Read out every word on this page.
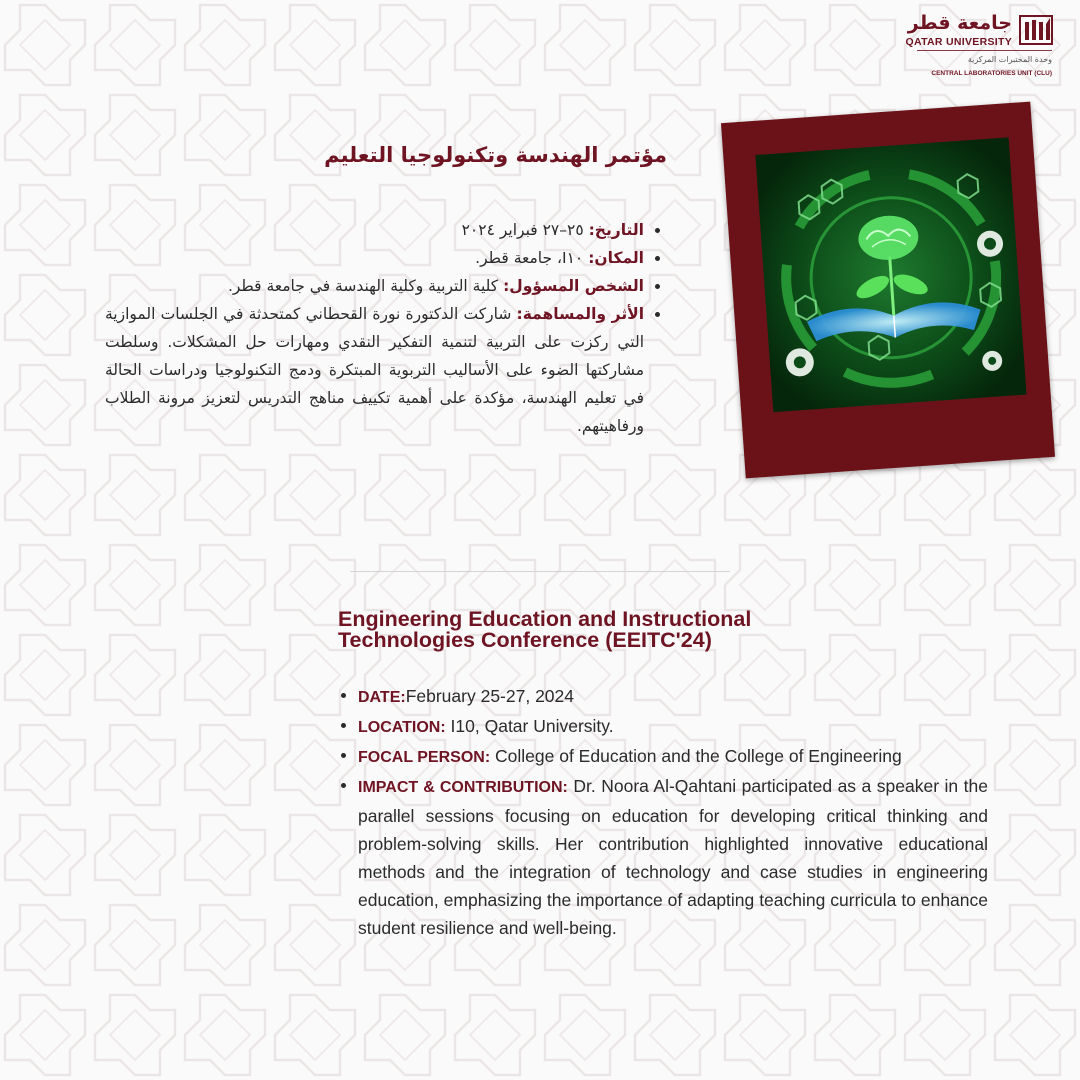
جامعة قطر
QATAR UNIVERSITY
وحدة المختبرات المركزية
CENTRAL LABORATORIES UNIT (CLU)
مؤتمر الهندسة وتكنولوجيا التعليم
التاريخ: ٢٥–٢٧ فبراير ٢٠٢٤
المكان: I١٠، جامعة قطر.
الشخص المسؤول: كلية التربية وكلية الهندسة في جامعة قطر.
الأثر والمساهمة: شاركت الدكتورة نورة القحطاني كمتحدثة في الجلسات الموازية التي ركزت على التربية لتنمية التفكير النقدي ومهارات حل المشكلات. وسلطت مشاركتها الضوء على الأساليب التربوية المبتكرة ودمج التكنولوجيا ودراسات الحالة في تعليم الهندسة، مؤكدة على أهمية تكييف مناهج التدريس لتعزيز مرونة الطلاب ورفاهيتهم.
Engineering Education and Instructional Technologies Conference (EEITC'24)
DATE:February 25-27, 2024
LOCATION: I10, Qatar University.
FOCAL PERSON: College of Education and the College of Engineering
IMPACT & CONTRIBUTION: Dr. Noora Al-Qahtani participated as a speaker in the parallel sessions focusing on education for developing critical thinking and problem-solving skills. Her contribution highlighted innovative educational methods and the integration of technology and case studies in engineering education, emphasizing the importance of adapting teaching curricula to enhance student resilience and well-being.
